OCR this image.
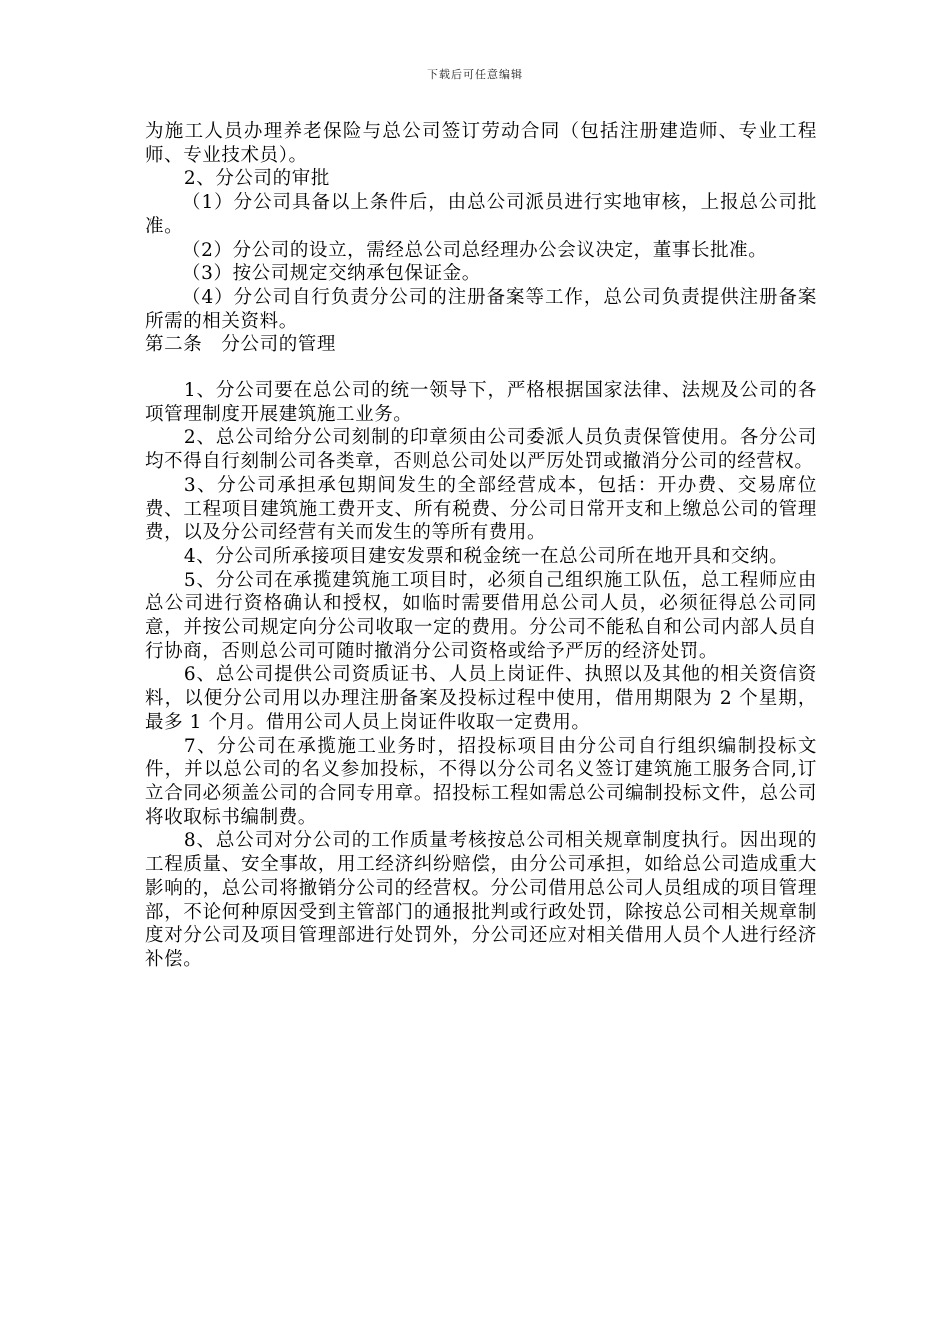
下载后可任意编辑

为施工人员办理养老保险与总公司签订劳动合同（包括注册建造师、专业工程师、专业技术员）。

2、分公司的审批

（1）分公司具备以上条件后，由总公司派员进行实地审核，上报总公司批准。

（2）分公司的设立，需经总公司总经理办公会议决定，董事长批准。

（3）按公司规定交纳承包保证金。

（4）分公司自行负责分公司的注册备案等工作，总公司负责提供注册备案所需的相关资料。

第二条　分公司的管理

1、分公司要在总公司的统一领导下，严格根据国家法律、法规及公司的各项管理制度开展建筑施工业务。

2、总公司给分公司刻制的印章须由公司委派人员负责保管使用。各分公司均不得自行刻制公司各类章，否则总公司处以严厉处罚或撤消分公司的经营权。

3、分公司承担承包期间发生的全部经营成本，包括：开办费、交易席位费、工程项目建筑施工费开支、所有税费、分公司日常开支和上缴总公司的管理费，以及分公司经营有关而发生的等所有费用。

4、分公司所承接项目建安发票和税金统一在总公司所在地开具和交纳。

5、分公司在承揽建筑施工项目时，必须自己组织施工队伍，总工程师应由总公司进行资格确认和授权，如临时需要借用总公司人员，必须征得总公司同意，并按公司规定向分公司收取一定的费用。分公司不能私自和公司内部人员自行协商，否则总公司可随时撤消分公司资格或给予严厉的经济处罚。

6、总公司提供公司资质证书、人员上岗证件、执照以及其他的相关资信资料，以便分公司用以办理注册备案及投标过程中使用，借用期限为 2 个星期，最多 1 个月。借用公司人员上岗证件收取一定费用。

7、分公司在承揽施工业务时，招投标项目由分公司自行组织编制投标文件，并以总公司的名义参加投标，不得以分公司名义签订建筑施工服务合同,订立合同必须盖公司的合同专用章。招投标工程如需总公司编制投标文件，总公司将收取标书编制费。

8、总公司对分公司的工作质量考核按总公司相关规章制度执行。因出现的工程质量、安全事故，用工经济纠纷赔偿，由分公司承担，如给总公司造成重大影响的，总公司将撤销分公司的经营权。分公司借用总公司人员组成的项目管理部，不论何种原因受到主管部门的通报批判或行政处罚，除按总公司相关规章制度对分公司及项目管理部进行处罚外，分公司还应对相关借用人员个人进行经济补偿。
